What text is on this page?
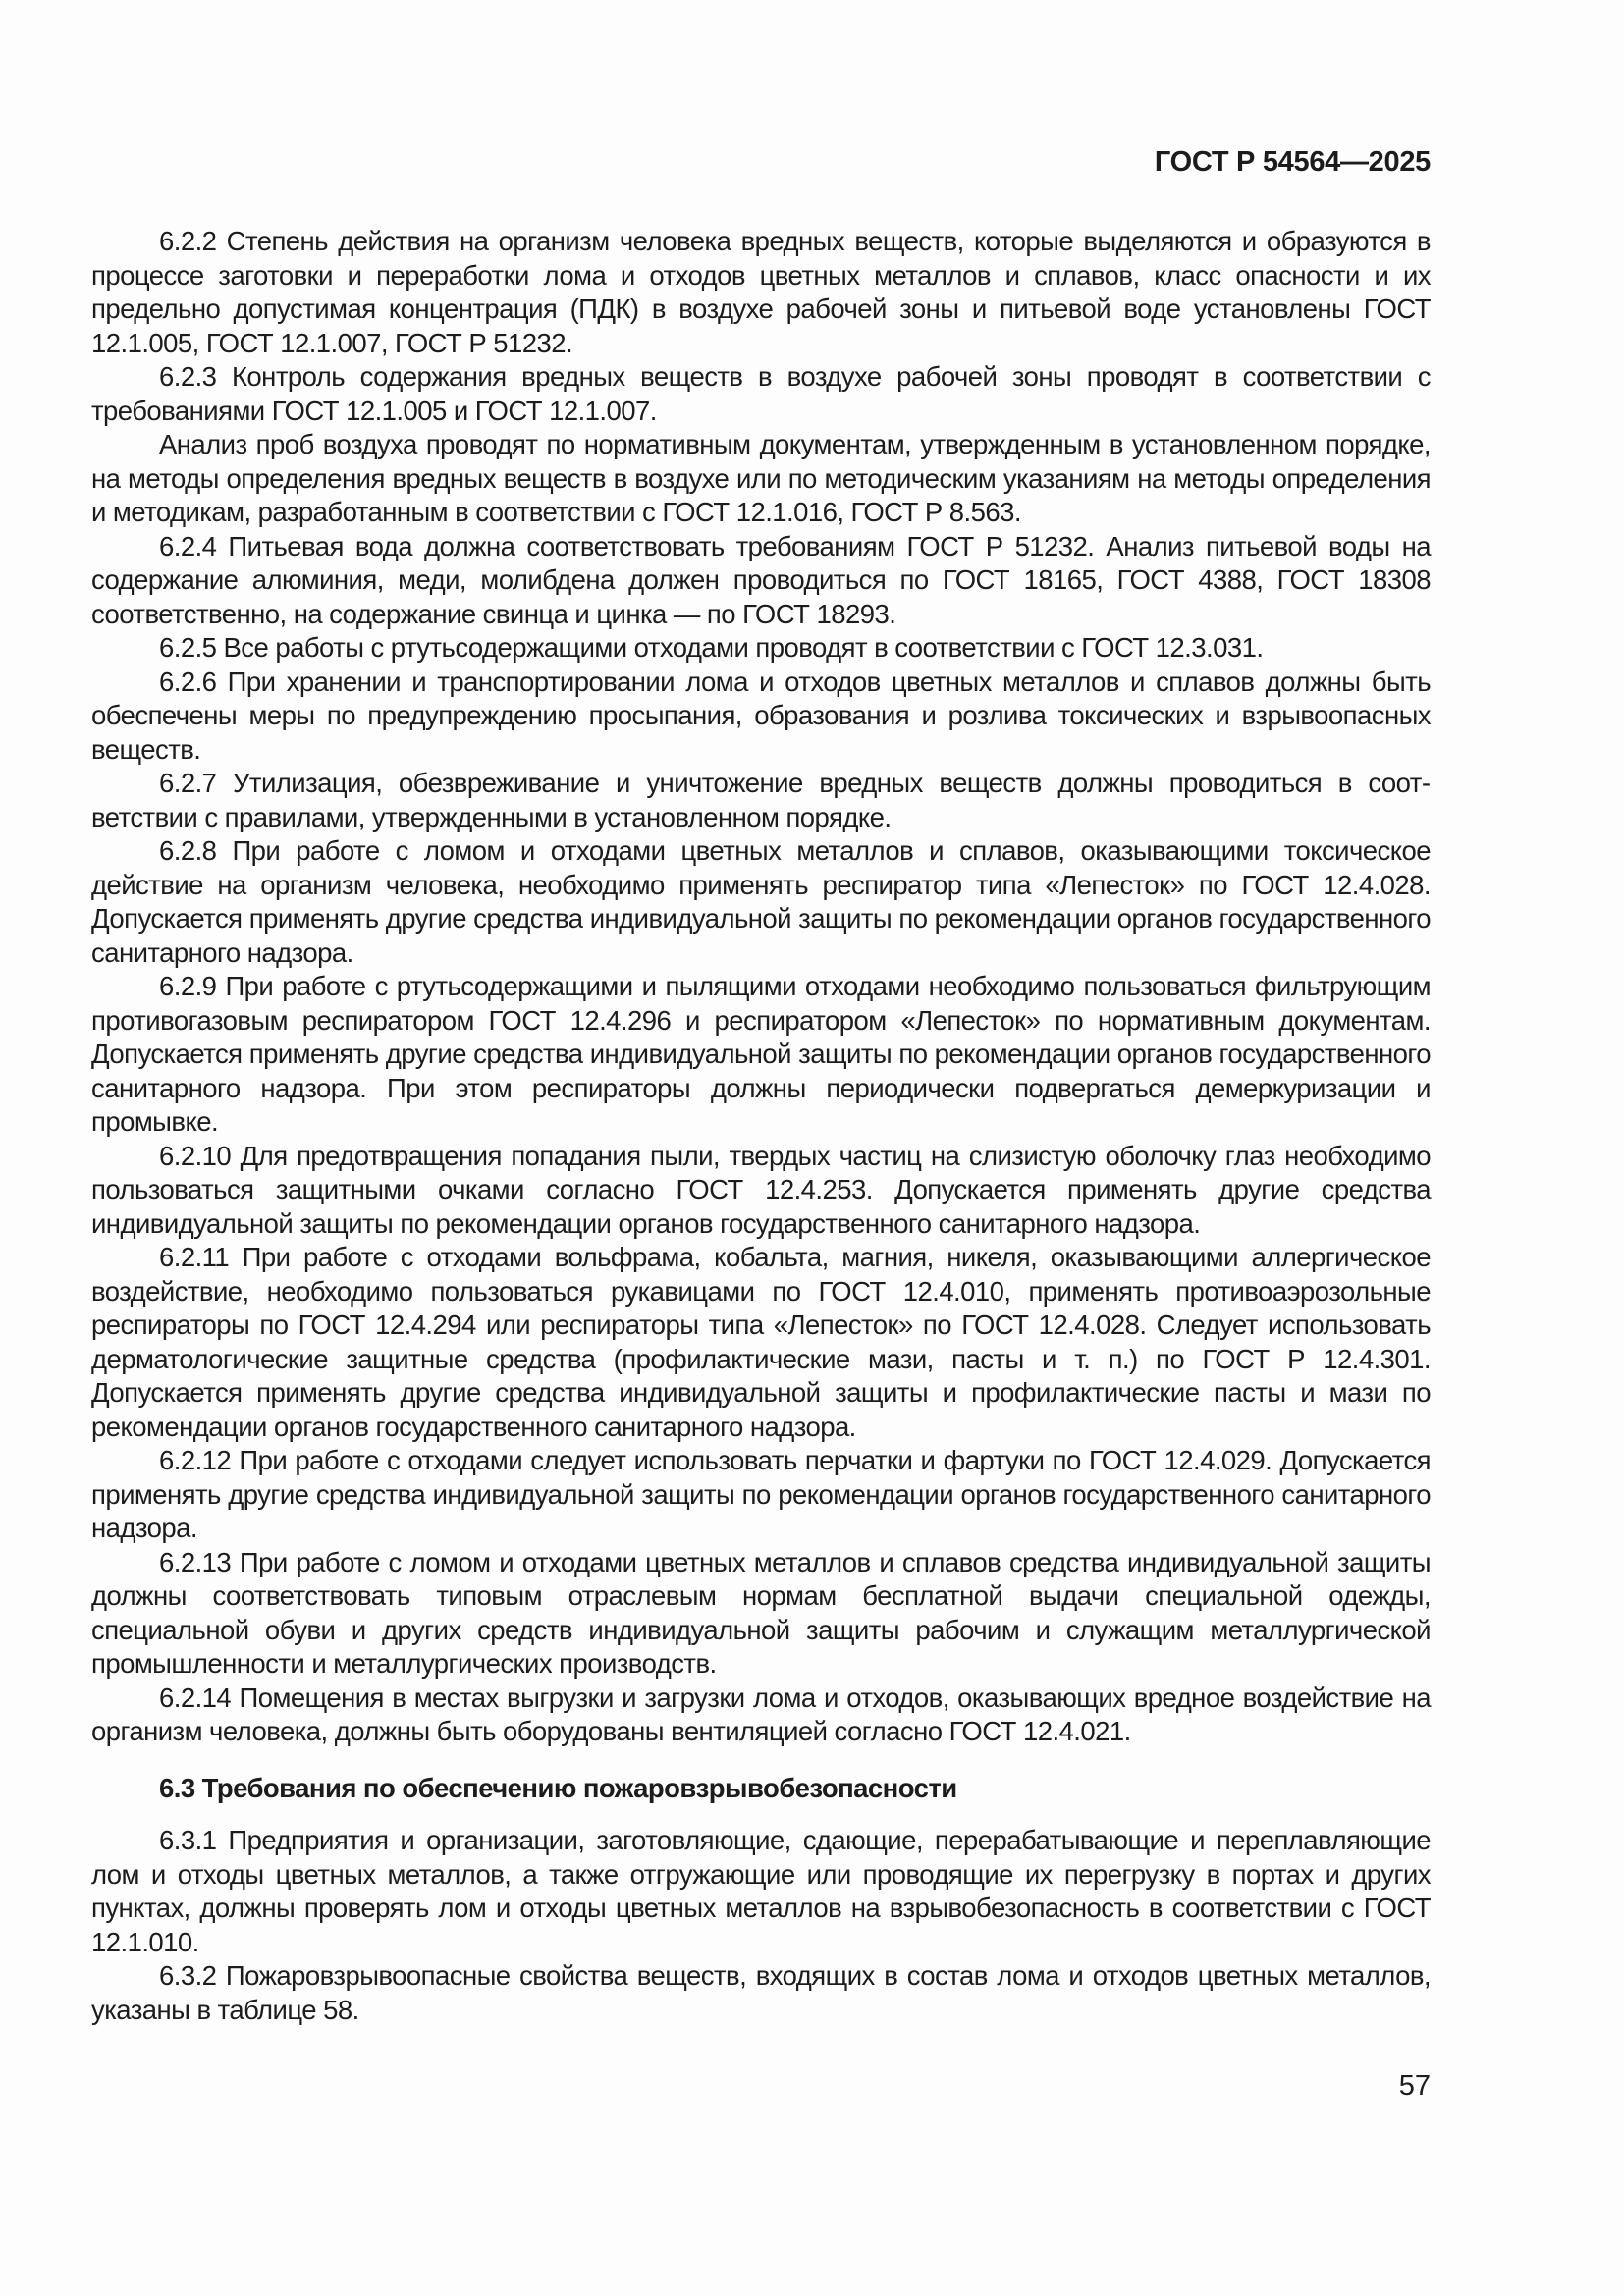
ГОСТ Р 54564—2025

6.2.2 Степень действия на организм человека вредных веществ, которые выделяются и образуются в процессе заготовки и переработки лома и отходов цветных металлов и сплавов, класс опасности и их предельно допустимая концентрация (ПДК) в воздухе рабочей зоны и питьевой воде установлены ГОСТ 12.1.005, ГОСТ 12.1.007, ГОСТ Р 51232.

6.2.3 Контроль содержания вредных веществ в воздухе рабочей зоны проводят в соответствии с требованиями ГОСТ 12.1.005 и ГОСТ 12.1.007.

Анализ проб воздуха проводят по нормативным документам, утвержденным в установленном порядке, на методы определения вредных веществ в воздухе или по методическим указаниям на методы определения и методикам, разработанным в соответствии с ГОСТ 12.1.016, ГОСТ Р 8.563.

6.2.4 Питьевая вода должна соответствовать требованиям ГОСТ Р 51232. Анализ питьевой воды на содержание алюминия, меди, молибдена должен проводиться по ГОСТ 18165, ГОСТ 4388, ГОСТ 18308 соответственно, на содержание свинца и цинка — по ГОСТ 18293.

6.2.5 Все работы с ртутьсодержащими отходами проводят в соответствии с ГОСТ 12.3.031.

6.2.6 При хранении и транспортировании лома и отходов цветных металлов и сплавов должны быть обеспечены меры по предупреждению просыпания, образования и розлива токсических и взрывоопасных веществ.

6.2.7 Утилизация, обезвреживание и уничтожение вредных веществ должны проводиться в соответствии с правилами, утвержденными в установленном порядке.

6.2.8 При работе с ломом и отходами цветных металлов и сплавов, оказывающими токсическое действие на организм человека, необходимо применять респиратор типа «Лепесток» по ГОСТ 12.4.028. Допускается применять другие средства индивидуальной защиты по рекомендации органов государственного санитарного надзора.

6.2.9 При работе с ртутьсодержащими и пылящими отходами необходимо пользоваться фильтрующим противогазовым респиратором ГОСТ 12.4.296 и респиратором «Лепесток» по нормативным документам. Допускается применять другие средства индивидуальной защиты по рекомендации органов государственного санитарного надзора. При этом респираторы должны периодически подвергаться демеркуризации и промывке.

6.2.10 Для предотвращения попадания пыли, твердых частиц на слизистую оболочку глаз необходимо пользоваться защитными очками согласно ГОСТ 12.4.253. Допускается применять другие средства индивидуальной защиты по рекомендации органов государственного санитарного надзора.

6.2.11 При работе с отходами вольфрама, кобальта, магния, никеля, оказывающими аллергическое воздействие, необходимо пользоваться рукавицами по ГОСТ 12.4.010, применять противоаэрозольные респираторы по ГОСТ 12.4.294 или респираторы типа «Лепесток» по ГОСТ 12.4.028. Следует использовать дерматологические защитные средства (профилактические мази, пасты и т. п.) по ГОСТ Р 12.4.301. Допускается применять другие средства индивидуальной защиты и профилактические пасты и мази по рекомендации органов государственного санитарного надзора.

6.2.12 При работе с отходами следует использовать перчатки и фартуки по ГОСТ 12.4.029. Допускается применять другие средства индивидуальной защиты по рекомендации органов государственного санитарного надзора.

6.2.13 При работе с ломом и отходами цветных металлов и сплавов средства индивидуальной защиты должны соответствовать типовым отраслевым нормам бесплатной выдачи специальной одежды, специальной обуви и других средств индивидуальной защиты рабочим и служащим металлургической промышленности и металлургических производств.

6.2.14 Помещения в местах выгрузки и загрузки лома и отходов, оказывающих вредное воздействие на организм человека, должны быть оборудованы вентиляцией согласно ГОСТ 12.4.021.

6.3 Требования по обеспечению пожаровзрывобезопасности

6.3.1 Предприятия и организации, заготовляющие, сдающие, перерабатывающие и переплавляющие лом и отходы цветных металлов, а также отгружающие или проводящие их перегрузку в портах и других пунктах, должны проверять лом и отходы цветных металлов на взрывобезопасность в соответствии с ГОСТ 12.1.010.

6.3.2 Пожаровзрывоопасные свойства веществ, входящих в состав лома и отходов цветных металлов, указаны в таблице 58.

57
